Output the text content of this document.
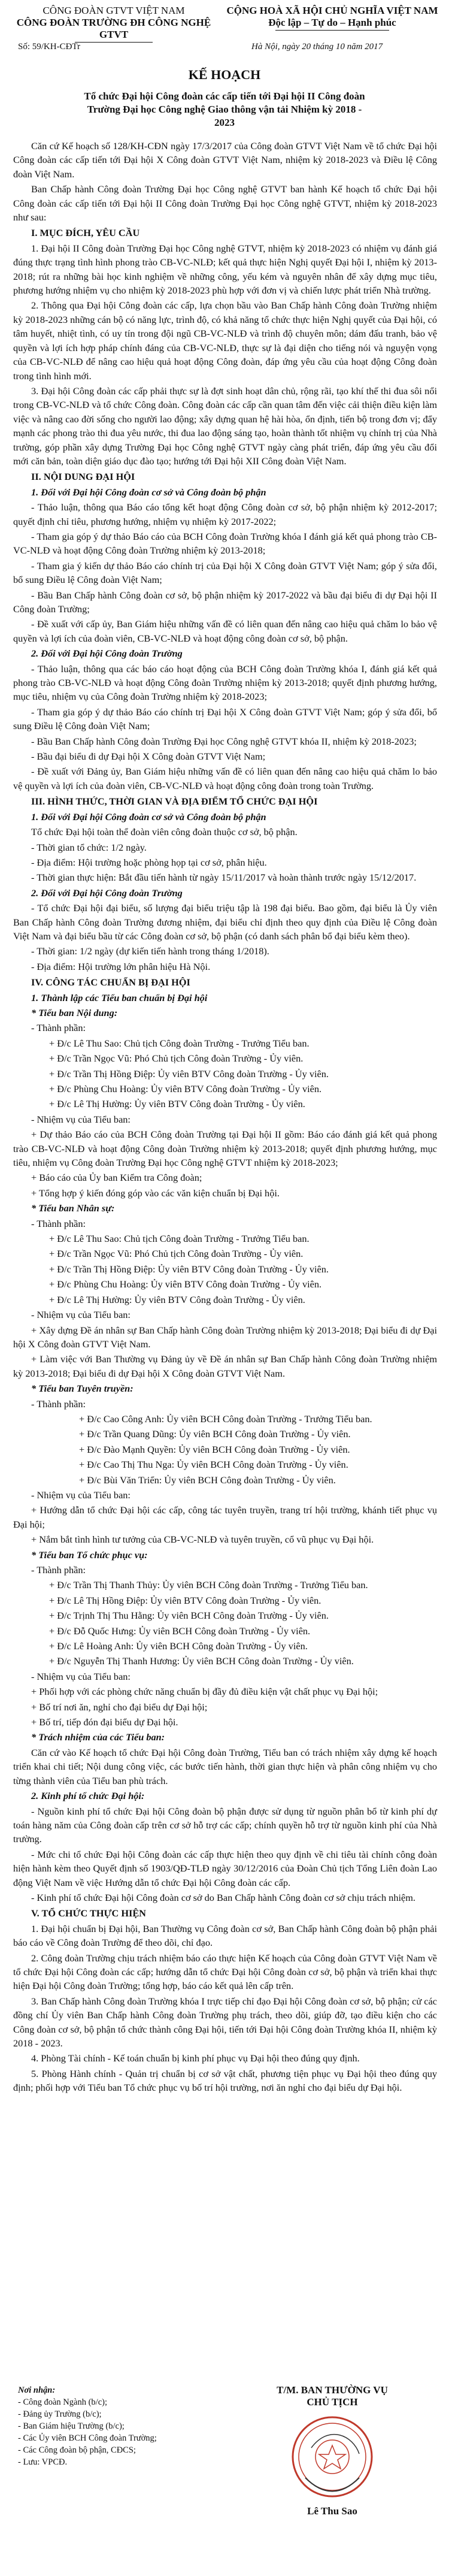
CÔNG ĐOÀN GTVT VIỆT NAM
CÔNG ĐOÀN TRƯỜNG ĐH CÔNG NGHỆ GTVT
CỘNG HOÀ XÃ HỘI CHỦ NGHĨA VIỆT NAM
Độc lập – Tự do – Hạnh phúc
Số: 59/KH-CĐTr	Hà Nội, ngày 20 tháng 10 năm 2017
KẾ HOẠCH
Tổ chức Đại hội Công đoàn các cấp tiến tới Đại hội II Công đoàn Trường Đại học Công nghệ Giao thông vận tải Nhiệm kỳ 2018 - 2023

Căn cứ Kế hoạch số 128/KH-CĐN ngày 17/3/2017 của Công đoàn GTVT Việt Nam về tổ chức Đại hội Công đoàn các cấp tiến tới Đại hội X Công đoàn GTVT Việt Nam, nhiệm kỳ 2018-2023 và Điều lệ Công đoàn Việt Nam.

Ban Chấp hành Công đoàn Trường Đại học Công nghệ GTVT ban hành Kế hoạch tổ chức Đại hội Công đoàn các cấp tiến tới Đại hội II Công đoàn Trường Đại học Công nghệ GTVT, nhiệm kỳ 2018-2023 như sau:

I. MỤC ĐÍCH, YÊU CẦU

1. Đại hội II Công đoàn Trường Đại học Công nghệ GTVT, nhiệm kỳ 2018-2023 có nhiệm vụ đánh giá đúng thực trạng tình hình phong trào CB-VC-NLĐ; kết quả thực hiện Nghị quyết Đại hội I, nhiệm kỳ 2013-2018; rút ra những bài học kinh nghiệm về những công, yếu kém và nguyên nhân để xây dựng mục tiêu, phương hướng nhiệm vụ cho nhiệm kỳ 2018-2023 phù hợp với đơn vị và chiến lược phát triển Nhà trường.

2. Thông qua Đại hội Công đoàn các cấp, lựa chọn bầu vào Ban Chấp hành Công đoàn Trường nhiệm kỳ 2018-2023 những cán bộ có năng lực, trình độ, có khả năng tổ chức thực hiện Nghị quyết của Đại hội, có tâm huyết, nhiệt tình, có uy tín trong đội ngũ CB-VC-NLĐ và trình độ chuyên môn; dám đấu tranh, bảo vệ quyền và lợi ích hợp pháp chính đáng của CB-VC-NLĐ, thực sự là đại diện cho tiếng nói và nguyện vọng của CB-VC-NLĐ để nâng cao hiệu quả hoạt động Công đoàn, đáp ứng yêu cầu của hoạt động Công đoàn trong tình hình mới.

3. Đại hội Công đoàn các cấp phải thực sự là đợt sinh hoạt dân chủ, rộng rãi, tạo khí thế thi đua sôi nổi trong CB-VC-NLĐ và tổ chức Công đoàn. Công đoàn các cấp cần quan tâm đến việc cải thiện điều kiện làm việc và nâng cao đời sống cho người lao động; xây dựng quan hệ hài hòa, ổn định, tiến bộ trong đơn vị; đẩy mạnh các phong trào thi đua yêu nước, thi đua lao động sáng tạo, hoàn thành tốt nhiệm vụ chính trị của Nhà trường, góp phần xây dựng Trường Đại học Công nghệ GTVT ngày càng phát triển, đáp ứng yêu cầu đổi mới căn bản, toàn diện giáo dục đào tạo; hướng tới Đại hội XII Công đoàn Việt Nam.

II. NỘI DUNG ĐẠI HỘI

1. Đối với Đại hội Công đoàn cơ sở và Công đoàn bộ phận

- Thảo luận, thông qua Báo cáo tổng kết hoạt động Công đoàn cơ sở, bộ phận nhiệm kỳ 2012-2017; quyết định chỉ tiêu, phương hướng, nhiệm vụ nhiệm kỳ 2017-2022;

- Tham gia góp ý dự thảo Báo cáo của BCH Công đoàn Trường khóa I đánh giá kết quả phong trào CB-VC-NLĐ và hoạt động Công đoàn Trường nhiệm kỳ 2013-2018;

- Tham gia ý kiến dự thảo Báo cáo chính trị của Đại hội X Công đoàn GTVT Việt Nam; góp ý sửa đổi, bổ sung Điều lệ Công đoàn Việt Nam;

- Bầu Ban Chấp hành Công đoàn cơ sở, bộ phận nhiệm kỳ 2017-2022 và bầu đại biểu đi dự Đại hội II Công đoàn Trường;

- Đề xuất với cấp ủy, Ban Giám hiệu những vấn đề có liên quan đến nâng cao hiệu quả chăm lo bảo vệ quyền và lợi ích của đoàn viên, CB-VC-NLĐ và hoạt động công đoàn cơ sở, bộ phận.

2. Đối với Đại hội Công đoàn Trường

- Thảo luận, thông qua các báo cáo hoạt động của BCH Công đoàn Trường khóa I, đánh giá kết quả phong trào CB-VC-NLĐ và hoạt động Công đoàn Trường nhiệm kỳ 2013-2018; quyết định phương hướng, mục tiêu, nhiệm vụ của Công đoàn Trường nhiệm kỳ 2018-2023;

- Tham gia góp ý dự thảo Báo cáo chính trị Đại hội X Công đoàn GTVT Việt Nam; góp ý sửa đổi, bổ sung Điều lệ Công đoàn Việt Nam;

- Bầu Ban Chấp hành Công đoàn Trường Đại học Công nghệ GTVT khóa II, nhiệm kỳ 2018-2023;

- Bầu đại biểu đi dự Đại hội X Công đoàn GTVT Việt Nam;

- Đề xuất với Đảng ủy, Ban Giám hiệu những vấn đề có liên quan đến nâng cao hiệu quả chăm lo bảo vệ quyền và lợi ích của đoàn viên, CB-VC-NLĐ và hoạt động công đoàn trong toàn Trường.

III. HÌNH THỨC, THỜI GIAN VÀ ĐỊA ĐIỂM TỔ CHỨC ĐẠI HỘI

1. Đối với Đại hội Công đoàn cơ sở và Công đoàn bộ phận

Tổ chức Đại hội toàn thể đoàn viên công đoàn thuộc cơ sở, bộ phận.

- Thời gian tổ chức: 1/2 ngày.

- Địa điểm: Hội trường hoặc phòng họp tại cơ sở, phân hiệu.

- Thời gian thực hiện: Bắt đầu tiến hành từ ngày 15/11/2017 và hoàn thành trước ngày 15/12/2017.

2. Đối với Đại hội Công đoàn Trường

- Tổ chức Đại hội đại biểu, số lượng đại biểu triệu tập là 198 đại biểu. Bao gồm, đại biểu là Ủy viên Ban Chấp hành Công đoàn Trường đương nhiệm, đại biểu chỉ định theo quy định của Điều lệ Công đoàn Việt Nam và đại biểu bầu từ các Công đoàn cơ sở, bộ phận (có danh sách phân bổ đại biểu kèm theo).

- Thời gian: 1/2 ngày (dự kiến tiến hành trong tháng 1/2018).

- Địa điểm: Hội trường lớn phân hiệu Hà Nội.

IV. CÔNG TÁC CHUẨN BỊ ĐẠI HỘI

1. Thành lập các Tiểu ban chuẩn bị Đại hội

* Tiểu ban Nội dung:

- Thành phần:

+ Đ/c Lê Thu Sao: Chủ tịch Công đoàn Trường - Trưởng Tiểu ban.

+ Đ/c Trần Ngọc Vũ: Phó Chủ tịch Công đoàn Trường - Ủy viên.

+ Đ/c Trần Thị Hồng Điệp: Ủy viên BTV Công đoàn Trường - Ủy viên.

+ Đ/c Phùng Chu Hoàng: Ủy viên BTV Công đoàn Trường - Ủy viên.

+ Đ/c Lê Thị Hường: Ủy viên BTV Công đoàn Trường - Ủy viên.

- Nhiệm vụ của Tiểu ban:

+ Dự thảo Báo cáo của BCH Công đoàn Trường tại Đại hội II gồm: Báo cáo đánh giá kết quả phong trào CB-VC-NLĐ và hoạt động Công đoàn Trường nhiệm kỳ 2013-2018; quyết định phương hướng, mục tiêu, nhiệm vụ Công đoàn Trường Đại học Công nghệ GTVT nhiệm kỳ 2018-2023;

+ Báo cáo của Ủy ban Kiểm tra Công đoàn;

+ Tổng hợp ý kiến đóng góp vào các văn kiện chuẩn bị Đại hội.

* Tiểu ban Nhân sự:

- Thành phần:

+ Đ/c Lê Thu Sao: Chủ tịch Công đoàn Trường - Trưởng Tiểu ban.

+ Đ/c Trần Ngọc Vũ: Phó Chủ tịch Công đoàn Trường - Ủy viên.

+ Đ/c Trần Thị Hồng Điệp: Ủy viên BTV Công đoàn Trường - Ủy viên.

+ Đ/c Phùng Chu Hoàng: Ủy viên BTV Công đoàn Trường - Ủy viên.

+ Đ/c Lê Thị Hường: Ủy viên BTV Công đoàn Trường - Ủy viên.

- Nhiệm vụ của Tiểu ban:

+ Xây dựng Đề án nhân sự Ban Chấp hành Công đoàn Trường nhiệm kỳ 2013-2018; Đại biểu đi dự Đại hội X Công đoàn GTVT Việt Nam.

+ Làm việc với Ban Thường vụ Đảng ủy về Đề án nhân sự Ban Chấp hành Công đoàn Trường nhiệm kỳ 2013-2018; Đại biểu đi dự Đại hội X Công đoàn GTVT Việt Nam.

* Tiểu ban Tuyên truyền:

- Thành phần:

+ Đ/c Cao Công Anh: Ủy viên BCH Công đoàn Trường - Trưởng Tiểu ban.

+ Đ/c Trần Quang Dũng: Ủy viên BCH Công đoàn Trường - Ủy viên.

+ Đ/c Đào Mạnh Quyền: Ủy viên BCH Công đoàn Trường - Ủy viên.

+ Đ/c Cao Thị Thu Nga: Ủy viên BCH Công đoàn Trường - Ủy viên.

+ Đ/c Bùi Văn Triển: Ủy viên BCH Công đoàn Trường - Ủy viên.

- Nhiệm vụ của Tiểu ban:

+ Hướng dẫn tổ chức Đại hội các cấp, công tác tuyên truyền, trang trí hội trường, khánh tiết phục vụ Đại hội;

+ Nắm bắt tình hình tư tưởng của CB-VC-NLĐ và tuyên truyền, cổ vũ phục vụ Đại hội.

* Tiểu ban Tổ chức phục vụ:

- Thành phần:

+ Đ/c Trần Thị Thanh Thủy: Ủy viên BCH Công đoàn Trường - Trưởng Tiểu ban.

+ Đ/c Lê Thị Hồng Điệp: Ủy viên BTV Công đoàn Trường - Ủy viên.

+ Đ/c Trịnh Thị Thu Hằng: Ủy viên BCH Công đoàn Trường - Ủy viên.

+ Đ/c Đỗ Quốc Hưng: Ủy viên BCH Công đoàn Trường - Ủy viên.

+ Đ/c Lê Hoàng Anh: Ủy viên BCH Công đoàn Trường - Ủy viên.

+ Đ/c Nguyễn Thị Thanh Hương: Ủy viên BCH Công đoàn Trường - Ủy viên.

- Nhiệm vụ của Tiểu ban:

+ Phối hợp với các phòng chức năng chuẩn bị đầy đủ điều kiện vật chất phục vụ Đại hội;

+ Bố trí nơi ăn, nghỉ cho đại biểu dự Đại hội;

+ Bố trí, tiếp đón đại biểu dự Đại hội.

* Trách nhiệm của các Tiểu ban:

Căn cứ vào Kế hoạch tổ chức Đại hội Công đoàn Trường, Tiểu ban có trách nhiệm xây dựng kế hoạch triển khai chi tiết; Nội dung công việc, các bước tiến hành, thời gian thực hiện và phân công nhiệm vụ cho từng thành viên của Tiểu ban phù trách.

2. Kinh phí tổ chức Đại hội:

- Nguồn kinh phí tổ chức Đại hội Công đoàn bộ phận được sử dụng từ nguồn phân bổ từ kinh phí dự toán hàng năm của Công đoàn cấp trên cơ sở hỗ trợ các cấp; chính quyền hỗ trợ từ nguồn kinh phí của Nhà trường.

- Mức chi tổ chức Đại hội Công đoàn các cấp thực hiện theo quy định về chi tiêu tài chính công đoàn hiện hành kèm theo Quyết định số 1903/QĐ-TLĐ ngày 30/12/2016 của Đoàn Chủ tịch Tổng Liên đoàn Lao động Việt Nam về việc Hướng dẫn tổ chức Đại hội Công đoàn các cấp.

- Kinh phí tổ chức Đại hội Công đoàn cơ sở do Ban Chấp hành Công đoàn cơ sở chịu trách nhiệm.

V. TỔ CHỨC THỰC HIỆN

1. Đại hội chuẩn bị Đại hội, Ban Thường vụ Công đoàn cơ sở, Ban Chấp hành Công đoàn bộ phận phải báo cáo về Công đoàn Trường để theo dõi, chỉ đạo.

2. Công đoàn Trường chịu trách nhiệm báo cáo thực hiện Kế hoạch của Công đoàn GTVT Việt Nam về tổ chức Đại hội Công đoàn các cấp; hướng dẫn tổ chức Đại hội Công đoàn cơ sở, bộ phận và triển khai thực hiện Đại hội Công đoàn Trường; tổng hợp, báo cáo kết quả lên cấp trên.

3. Ban Chấp hành Công đoàn Trường khóa I trực tiếp chỉ đạo Đại hội Công đoàn cơ sở, bộ phận; cử các đồng chí Ủy viên Ban Chấp hành Công đoàn Trường phụ trách, theo dõi, giúp đỡ, tạo điều kiện cho các Công đoàn cơ sở, bộ phận tổ chức thành công Đại hội, tiến tới Đại hội Công đoàn Trường khóa II, nhiệm kỳ 2018 - 2023.

4. Phòng Tài chính - Kế toán chuẩn bị kinh phí phục vụ Đại hội theo đúng quy định.

5. Phòng Hành chính - Quản trị chuẩn bị cơ sở vật chất, phương tiện phục vụ Đại hội theo đúng quy định; phối hợp với Tiểu ban Tổ chức phục vụ bố trí hội trường, nơi ăn nghỉ cho đại biểu dự Đại hội.

Nơi nhận:
- Công đoàn Ngành (b/c);
- Đảng ủy Trường (b/c);
- Ban Giám hiệu Trường (b/c);
- Các Ủy viên BCH Công đoàn Trường;
- Các Công đoàn bộ phận, CĐCS;
- Lưu: VPCĐ.
T/M. BAN THƯỜNG VỤ
CHỦ TỊCH
Lê Thu Sao
